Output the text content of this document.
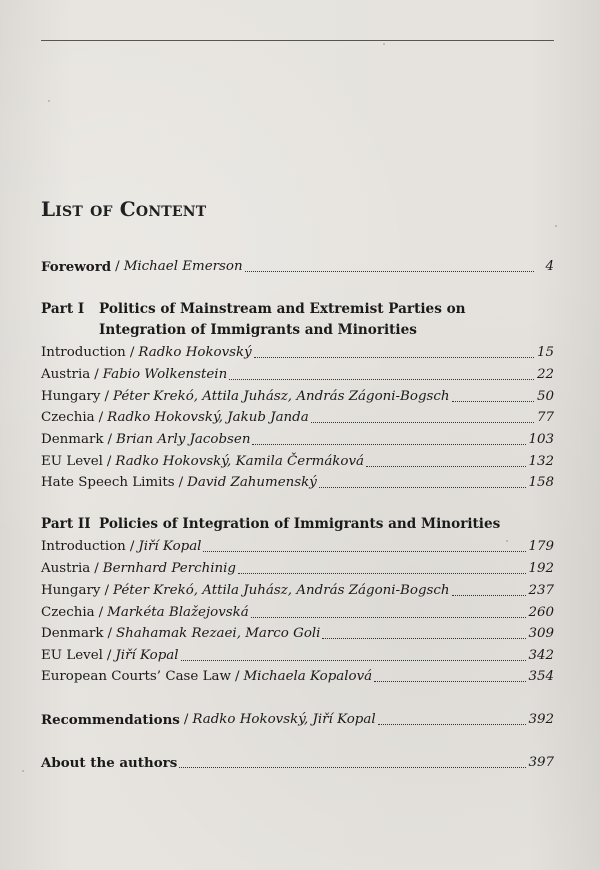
List of Content
Foreword / Michael Emerson	4
Part I Politics of Mainstream and Extremist Parties on
Integration of Immigrants and Minorities
Introduction / Radko Hokovský	15
Austria / Fabio Wolkenstein	22
Hungary / Péter Krekó, Attila Juhász, András Zágoni-Bogsch	50
Czechia / Radko Hokovský, Jakub Janda	77
Denmark / Brian Arly Jacobsen	103
EU Level / Radko Hokovský, Kamila Čermáková	132
Hate Speech Limits / David Zahumenský	158
Part II Policies of Integration of Immigrants and Minorities
Introduction / Jiří Kopal	179
Austria / Bernhard Perchinig	192
Hungary / Péter Krekó, Attila Juhász, András Zágoni-Bogsch	237
Czechia / Markéta Blažejovská	260
Denmark / Shahamak Rezaei, Marco Goli	309
EU Level / Jiří Kopal	342
European Courts’ Case Law / Michaela Kopalová	354
Recommendations / Radko Hokovský, Jiří Kopal	392
About the authors	397
